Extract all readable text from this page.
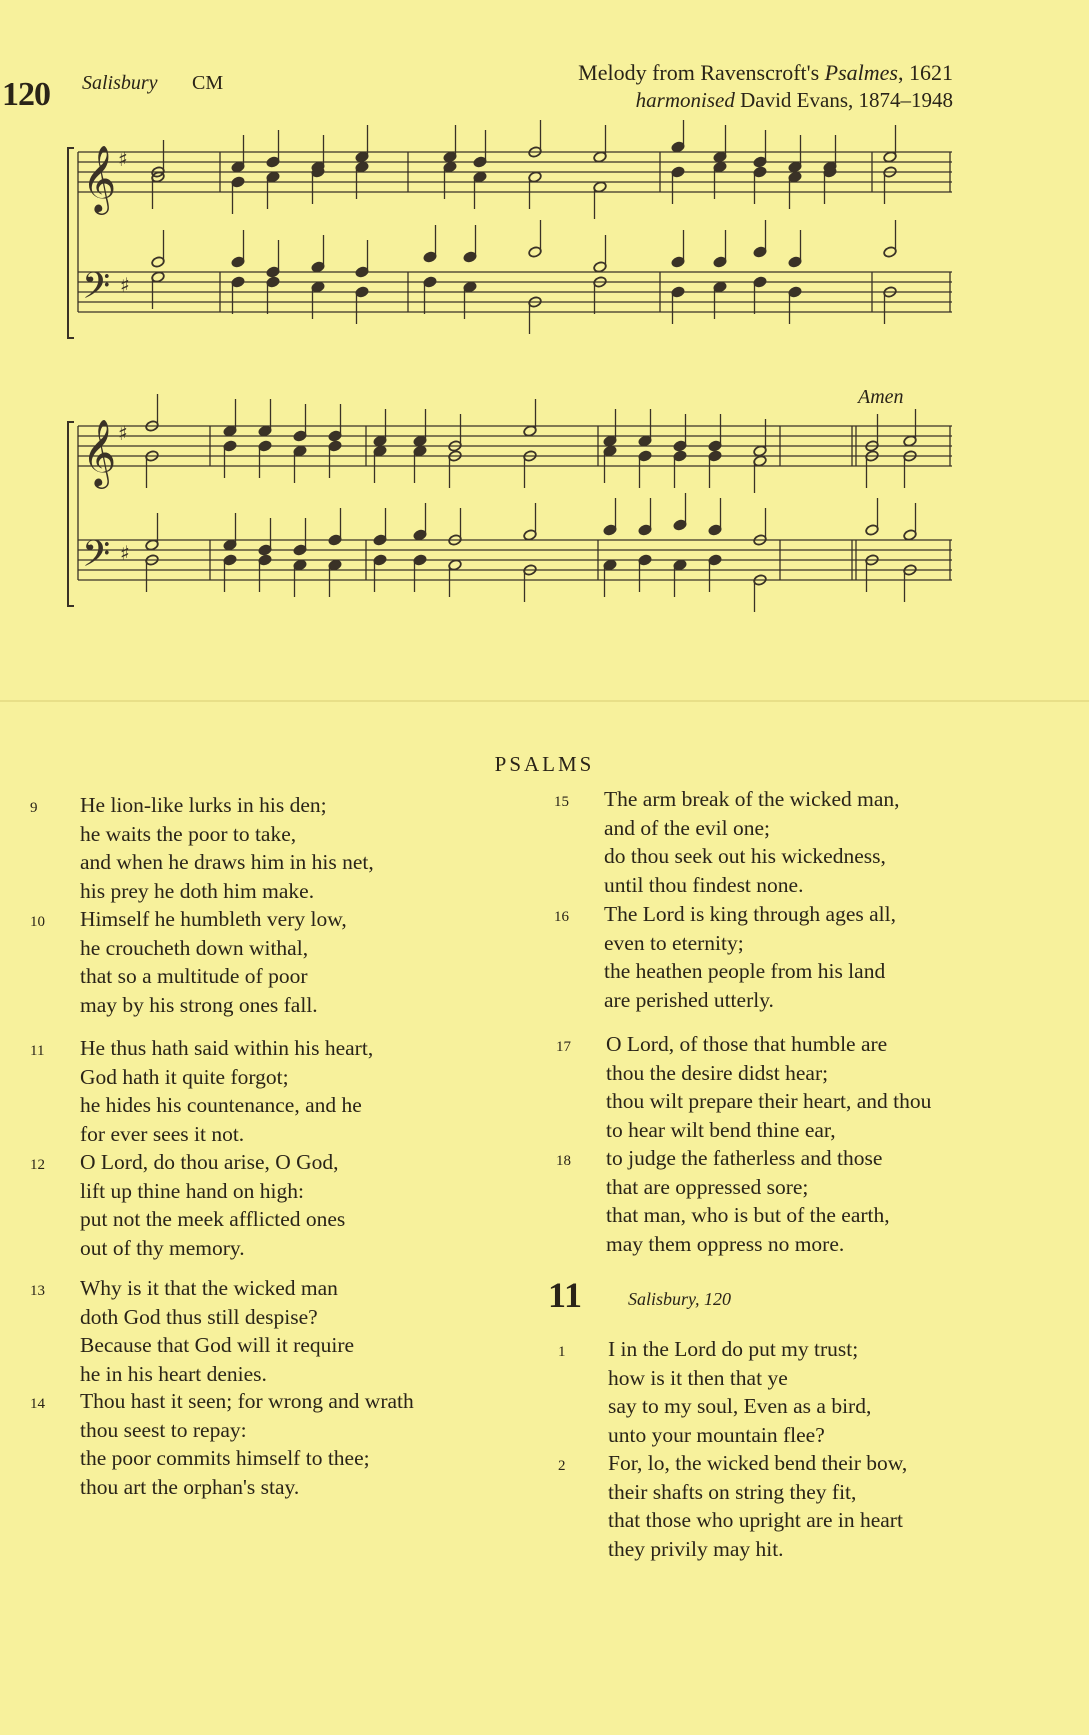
120 Salisbury CM	Melody from Ravenscroft's Psalmes, 1621
harmonised David Evans, 1874–1948
𝄞
𝄢
𝄞
𝄢
♯
♯
♯
♯
Amen
PSALMS
9 He lion-like lurks in his den;
he waits the poor to take,
and when he draws him in his net,
his prey he doth him make.
10 Himself he humbleth very low,
he croucheth down withal,
that so a multitude of poor
may by his strong ones fall.
11 He thus hath said within his heart,
God hath it quite forgot;
he hides his countenance, and he
for ever sees it not.
12 O Lord, do thou arise, O God,
lift up thine hand on high:
put not the meek afflicted ones
out of thy memory.
13 Why is it that the wicked man
doth God thus still despise?
Because that God will it require
he in his heart denies.
14 Thou hast it seen; for wrong and wrath
thou seest to repay:
the poor commits himself to thee;
thou art the orphan's stay.
15 The arm break of the wicked man,
and of the evil one;
do thou seek out his wickedness,
until thou findest none.
16 The Lord is king through ages all,
even to eternity;
the heathen people from his land
are perished utterly.
17 O Lord, of those that humble are
thou the desire didst hear;
thou wilt prepare their heart, and thou
to hear wilt bend thine ear,
18 to judge the fatherless and those
that are oppressed sore;
that man, who is but of the earth,
may them oppress no more.
11	Salisbury, 120
1 I in the Lord do put my trust;
how is it then that ye
say to my soul, Even as a bird,
unto your mountain flee?
2 For, lo, the wicked bend their bow,
their shafts on string they fit,
that those who upright are in heart
they privily may hit.
